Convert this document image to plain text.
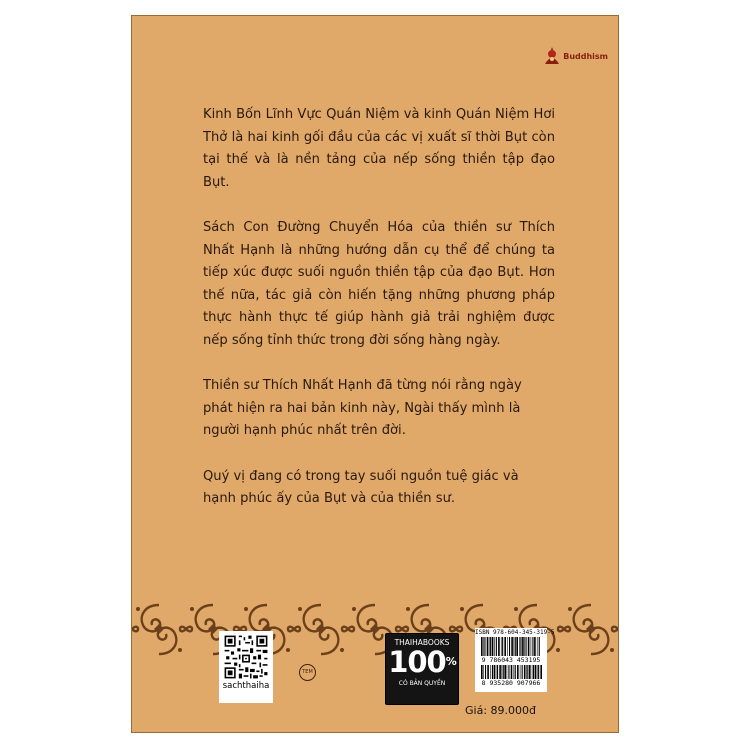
Buddhism

Kinh Bốn Lĩnh Vực Quán Niệm và kinh Quán Niệm Hơi Thở là hai kinh gối đầu của các vị xuất sĩ thời Bụt còn tại thế và là nền tảng của nếp sống thiền tập đạo Bụt.

Sách Con Đường Chuyển Hóa của thiền sư Thích Nhất Hạnh là những hướng dẫn cụ thể để chúng ta tiếp xúc được suối nguồn thiền tập của đạo Bụt. Hơn thế nữa, tác giả còn hiến tặng những phương pháp thực hành thực tế giúp hành giả trải nghiệm được nếp sống tỉnh thức trong đời sống hàng ngày.

Thiền sư Thích Nhất Hạnh đã từng nói rằng ngày phát hiện ra hai bản kinh này, Ngài thấy mình là người hạnh phúc nhất trên đời.

Quý vị đang có trong tay suối nguồn tuệ giác và hạnh phúc ấy của Bụt và của thiền sư.

sachthaiha
TEM
THAIHABOOKS
100%
CÓ BẢN QUYỀN
ISBN 978-604-345-319-5
9 786043 453195
8 935280 907966
Giá: 89.000đ
